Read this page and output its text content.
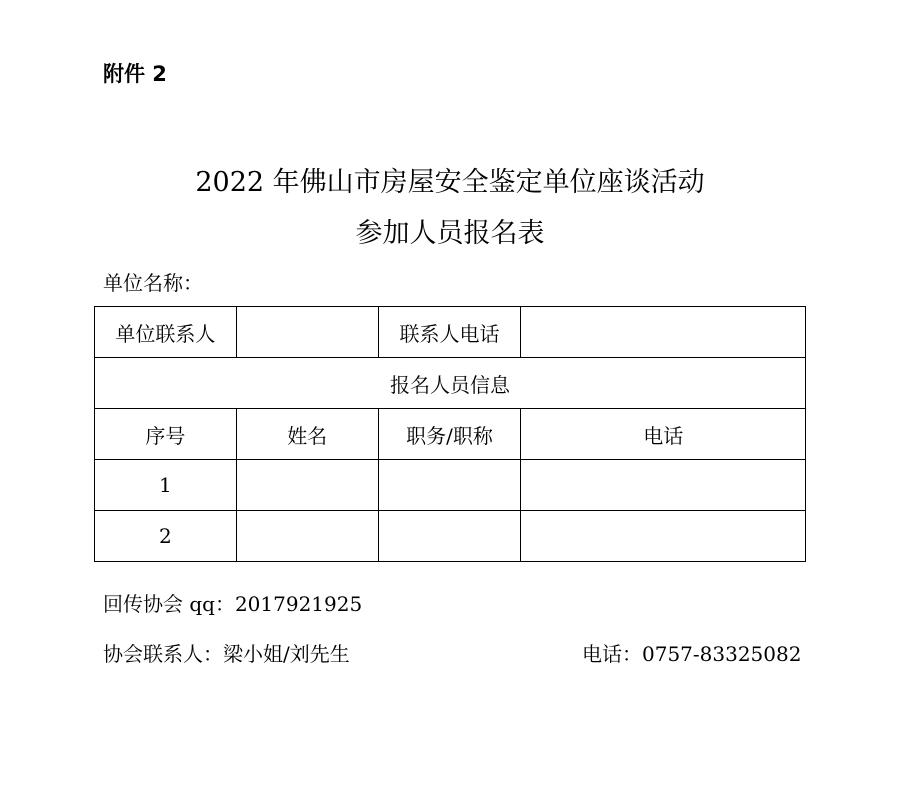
附件 2
2022 年佛山市房屋安全鉴定单位座谈活动
参加人员报名表
单位名称：
单位联系人		联系人电话	
报名人员信息			
序号	姓名	职务/职称	电话
1			
2			
回传协会 qq：2017921925
协会联系人：梁小姐/刘先生	电话：0757-83325082
